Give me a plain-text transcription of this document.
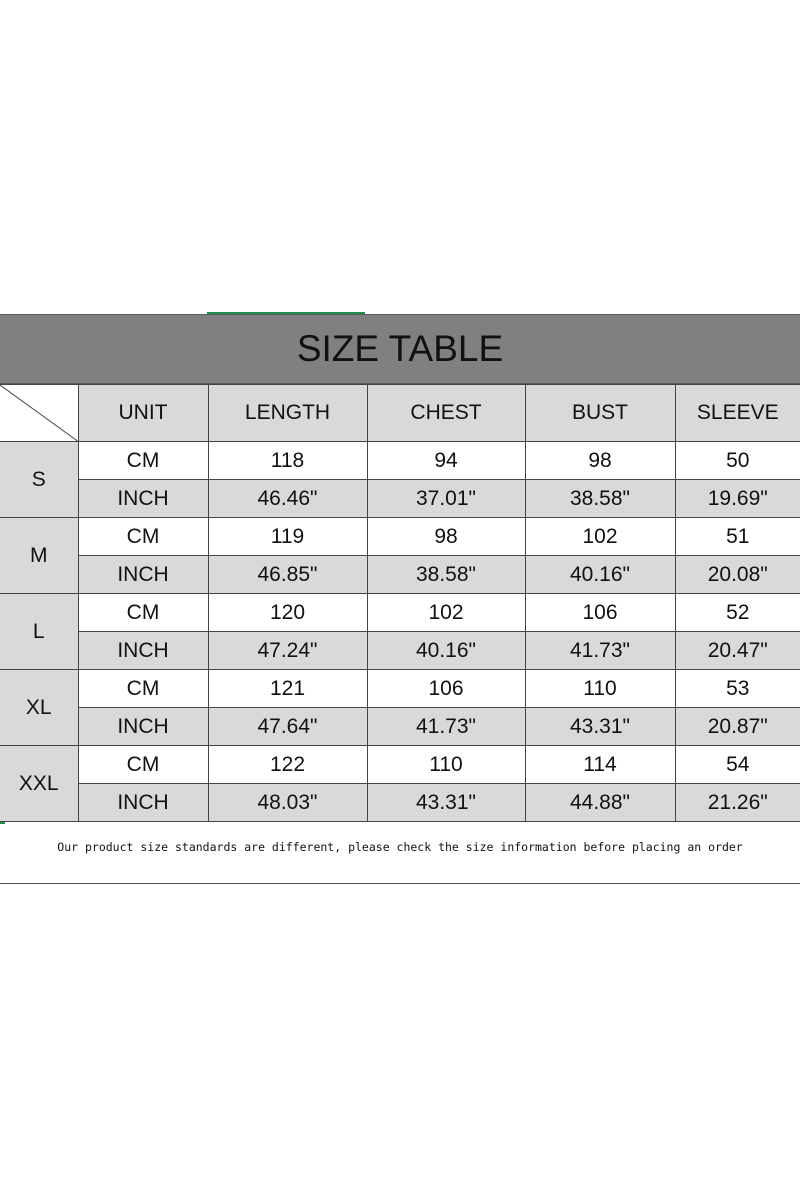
SIZE TABLE
	UNIT	LENGTH	CHEST	BUST	SLEEVE
S	CM	118	94	98	50
	INCH	46.46"	37.01"	38.58"	19.69"
M	CM	119	98	102	51
	INCH	46.85"	38.58"	40.16"	20.08"
L	CM	120	102	106	52
	INCH	47.24"	40.16"	41.73"	20.47"
XL	CM	121	106	110	53
	INCH	47.64"	41.73"	43.31"	20.87"
XXL	CM	122	110	114	54
	INCH	48.03"	43.31"	44.88"	21.26"
Our product size standards are different, please check the size information before placing an order
